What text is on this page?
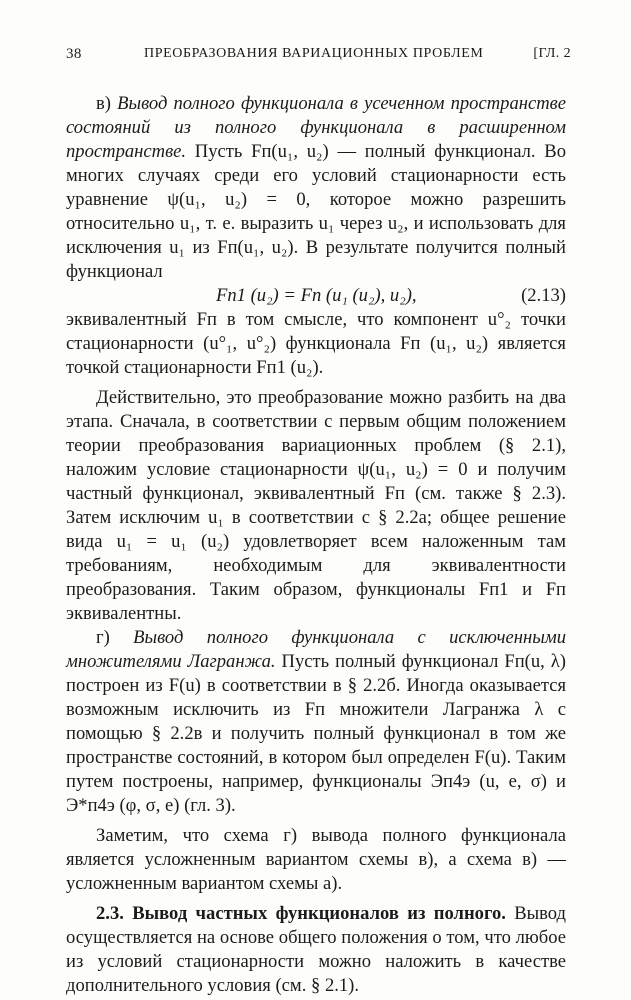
38	ПРЕОБРАЗОВАНИЯ ВАРИАЦИОННЫХ ПРОБЛЕМ	[ГЛ. 2

в) Вывод полного функционала в усеченном пространстве состояний из полного функционала в расширенном пространстве. Пусть Fп(u₁, u₂) — полный функционал. Во многих случаях среди его условий стационарности есть уравнение ψ(u₁, u₂) = 0, которое можно разрешить относительно u₁, т. е. выразить u₁ через u₂, и использовать для исключения u₁ из Fп(u₁, u₂). В результате получится полный функционал

Fп1 (u₂) = Fп (u₁ (u₂), u₂),	(2.13)

эквивалентный Fп в том смысле, что компонент u°₂ точки стационарности (u°₁, u°₂) функционала Fп (u₁, u₂) является точкой стационарности Fп1 (u₂).

Действительно, это преобразование можно разбить на два этапа. Сначала, в соответствии с первым общим положением теории преобразования вариационных проблем (§ 2.1), наложим условие стационарности ψ(u₁, u₂) = 0 и получим частный функционал, эквивалентный Fп (см. также § 2.3). Затем исключим u₁ в соответствии с § 2.2а; общее решение вида u₁ = u₁ (u₂) удовлетворяет всем наложенным там требованиям, необходимым для эквивалентности преобразования. Таким образом, функционалы Fп1 и Fп эквивалентны.

г) Вывод полного функционала с исключенными множителями Лагранжа. Пусть полный функционал Fп(u, λ) построен из F(u) в соответствии в § 2.2б. Иногда оказывается возможным исключить из Fп множители Лагранжа λ с помощью § 2.2в и получить полный функционал в том же пространстве состояний, в котором был определен F(u). Таким путем построены, например, функционалы Эп4э (u, e, σ) и Э*п4э (φ, σ, e) (гл. 3).

Заметим, что схема г) вывода полного функционала является усложненным вариантом схемы в), а схема в) — усложненным вариантом схемы а).

2.3. Вывод частных функционалов из полного. Вывод осуществляется на основе общего положения о том, что любое из условий стационарности можно наложить в качестве дополнительного условия (см. § 2.1).
